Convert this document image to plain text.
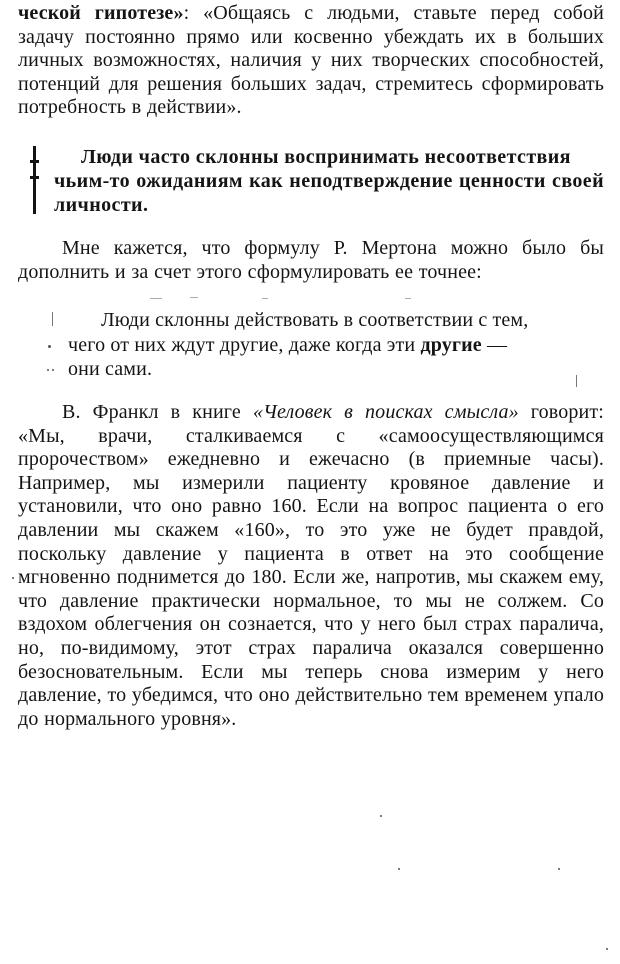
ческой гипотезе»: «Общаясь с людьми, ставьте перед собой задачу постоянно прямо или косвенно убеждать их в больших личных возможностях, наличия у них творческих способностей, потенций для решения больших задач, стремитесь сформировать потребность в действии».
Люди часто склонны воспринимать несоответствия
чьим-то ожиданиям как неподтверждение ценности своей личности.
Мне кажется, что формулу Р. Мертона можно было бы дополнить и за счет этого сформулировать ее точнее:
Люди склонны действовать в соответствии с тем,
чего от них ждут другие, даже когда эти другие —
они сами.
В. Франкл в книге «Человек в поисках смысла» говорит: «Мы, врачи, сталкиваемся с «самоосуществляющимся пророчеством» ежедневно и ежечасно (в приемные часы). Например, мы измерили пациенту кровяное давление и установили, что оно равно 160. Если на вопрос пациента о его давлении мы скажем «160», то это уже не будет правдой, поскольку давление у пациента в ответ на это сообщение мгновенно поднимется до 180. Если же, напротив, мы скажем ему, что давление практически нормальное, то мы не солжем. Со вздохом облегчения он сознается, что у него был страх паралича, но, по-видимому, этот страх паралича оказался совершенно безосновательным. Если мы теперь снова измерим у него давление, то убедимся, что оно действительно тем временем упало до нормального уровня».
